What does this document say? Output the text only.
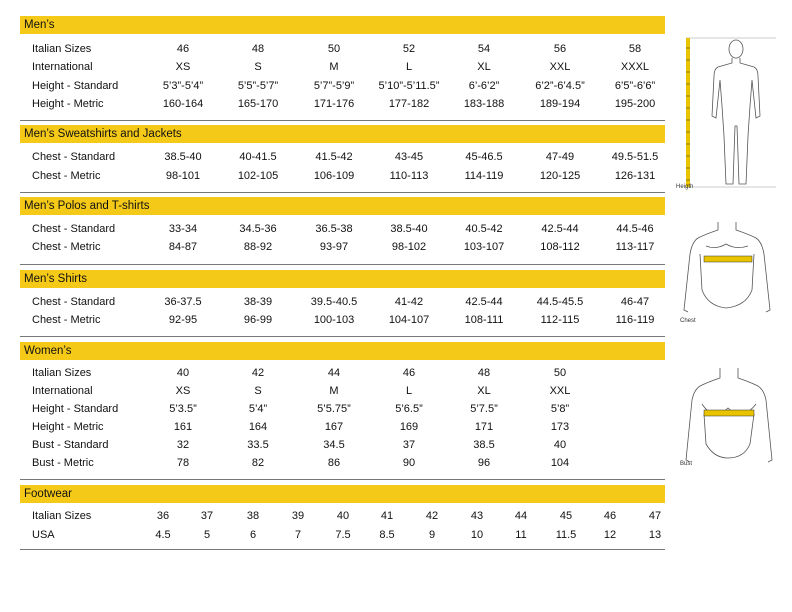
Men’s
Italian Sizes	46	48	50	52	54	56	58
International	XS	S	M	L	XL	XXL	XXXL
Height - Standard	5’3”-5’4”	5’5”-5’7”	5’7”-5’9”	5’10”-5’11.5”	6’-6’2”	6’2”-6’4.5”	6’5”-6’6”
Height - Metric	160-164	165-170	171-176	177-182	183-188	189-194	195-200
Men’s Sweatshirts and Jackets
Chest - Standard	38.5-40	40-41.5	41.5-42	43-45	45-46.5	47-49	49.5-51.5
Chest - Metric	98-101	102-105	106-109	110-113	114-119	120-125	126-131
Men’s Polos and T-shirts
Chest - Standard	33-34	34.5-36	36.5-38	38.5-40	40.5-42	42.5-44	44.5-46
Chest - Metric	84-87	88-92	93-97	98-102	103-107	108-112	113-117
Men’s Shirts
Chest - Standard	36-37.5	38-39	39.5-40.5	41-42	42.5-44	44.5-45.5	46-47
Chest - Metric	92-95	96-99	100-103	104-107	108-111	112-115	116-119
Women’s
Italian Sizes	40	42	44	46	48	50
International	XS	S	M	L	XL	XXL
Height - Standard	5’3.5”	5’4”	5’5.75”	5’6.5”	5’7.5”	5’8”
Height - Metric	161	164	167	169	171	173
Bust - Standard	32	33.5	34.5	37	38.5	40
Bust - Metric	78	82	86	90	96	104
Footwear
Italian Sizes	36	37	38	39	40	41	42	43	44	45	46	47
USA	4.5	5	6	7	7.5	8.5	9	10	11	11.5	12	13
Heigth
Chest
Bust
